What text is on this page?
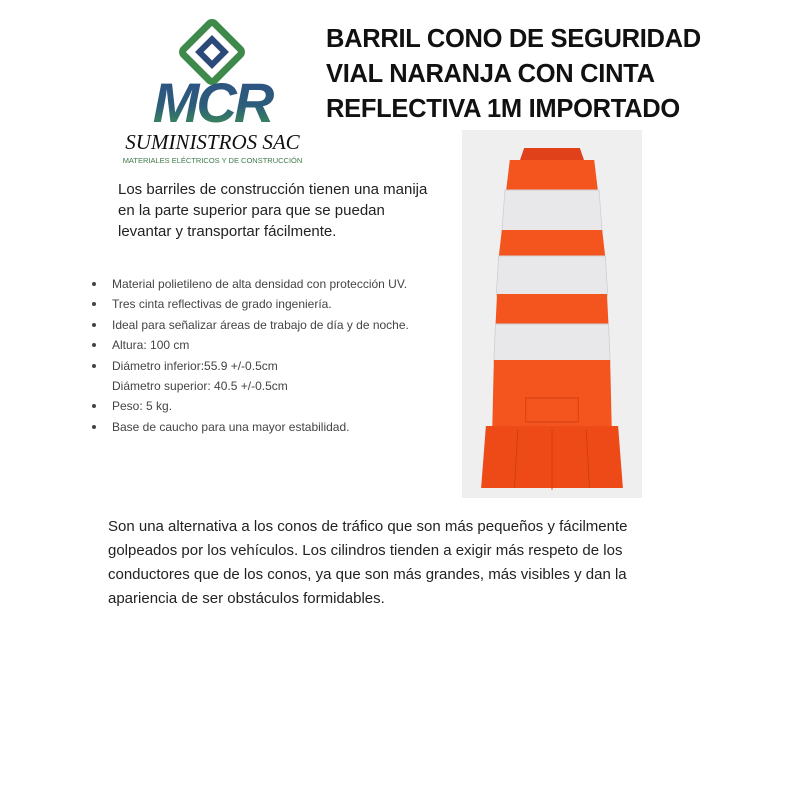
MCR
SUMINISTROS SAC
MATERIALES ELÉCTRICOS Y DE CONSTRUCCIÓN
BARRIL CONO DE SEGURIDAD
VIAL NARANJA CON CINTA
REFLECTIVA 1M IMPORTADO

Los barriles de construcción tienen una manija en la parte superior para que se puedan levantar y transportar fácilmente.

Material polietileno de alta densidad con protección UV.
Tres cinta reflectivas de grado ingeniería.
Ideal para señalizar áreas de trabajo de día y de noche.
Altura: 100 cm
Diámetro inferior:55.9 +/-0.5cm
Diámetro superior: 40.5 +/-0.5cm
Peso: 5 kg.
Base de caucho para una mayor estabilidad.

Son una alternativa a los conos de tráfico que son más pequeños y fácilmente golpeados por los vehículos. Los cilindros tienden a exigir más respeto de los conductores que de los conos, ya que son más grandes, más visibles y dan la apariencia de ser obstáculos formidables.
